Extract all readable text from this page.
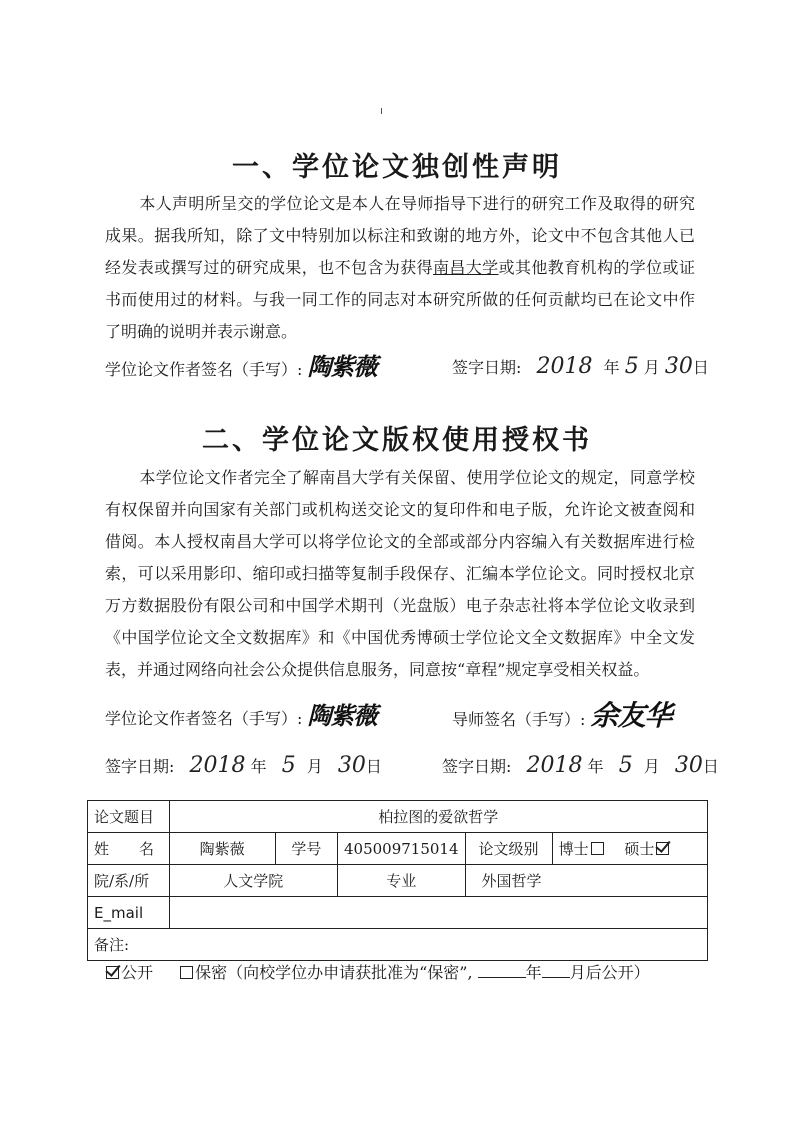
一、学位论文独创性声明

本人声明所呈交的学位论文是本人在导师指导下进行的研究工作及取得的研究成果。据我所知，除了文中特别加以标注和致谢的地方外，论文中不包含其他人已经发表或撰写过的研究成果，也不包含为获得南昌大学或其他教育机构的学位或证书而使用过的材料。与我一同工作的同志对本研究所做的任何贡献均已在论文中作了明确的说明并表示谢意。

学位论文作者签名（手写）: 陶紫薇	签字日期: 2018 年 5 月 30日
二、学位论文版权使用授权书

本学位论文作者完全了解南昌大学有关保留、使用学位论文的规定，同意学校有权保留并向国家有关部门或机构送交论文的复印件和电子版，允许论文被查阅和借阅。本人授权南昌大学可以将学位论文的全部或部分内容编入有关数据库进行检索，可以采用影印、缩印或扫描等复制手段保存、汇编本学位论文。同时授权北京万方数据股份有限公司和中国学术期刊（光盘版）电子杂志社将本学位论文收录到《中国学位论文全文数据库》和《中国优秀博硕士学位论文全文数据库》中全文发表，并通过网络向社会公众提供信息服务，同意按“章程”规定享受相关权益。

学位论文作者签名（手写）: 陶紫薇	导师签名（手写）: 余友华
签字日期: 2018 年 5 月 30日	签字日期: 2018 年 5 月 30日
论文题目	柏拉图的爱欲哲学				
姓　　名	陶紫薇	学号	405009715014	论文级别	博士 硕士
院/系/所	人文学院		专业	外国哲学	
E_mail					
备注:					
公开	保密（向校学位办申请获批准为“保密”,	年 月后公开）
